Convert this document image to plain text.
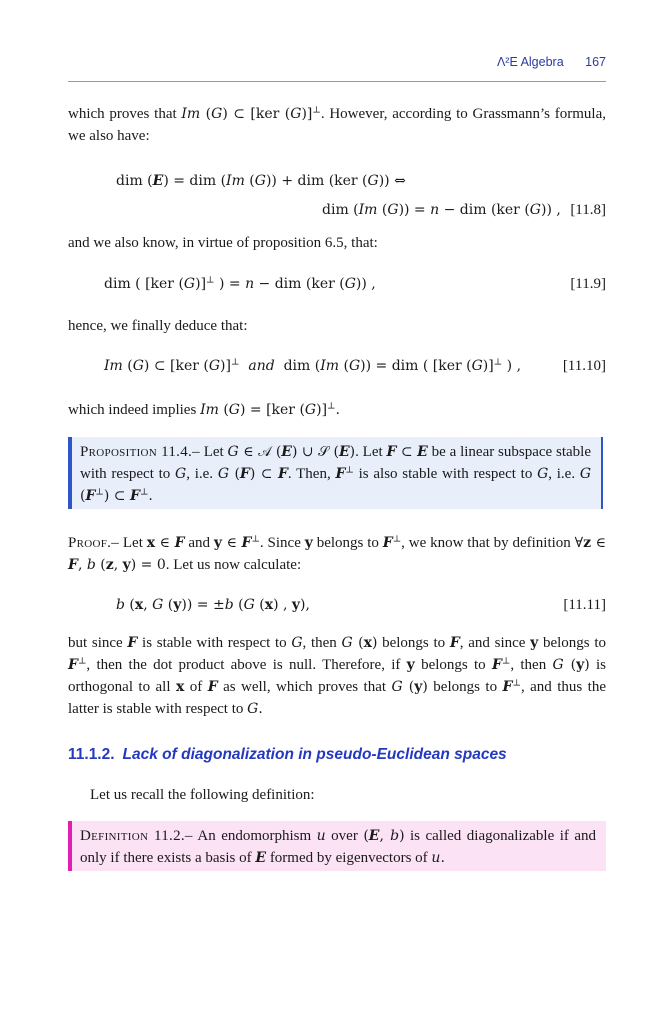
Λ²E Algebra 167
which proves that Im (G) ⊂ [ker (G)]⊥. However, according to Grassmann’s formula, we also have:
dim (E) = dim (Im (G)) + dim (ker (G)) ⇔
dim (Im (G)) = n − dim (ker (G)) , [11.8]
and we also know, in virtue of proposition 6.5, that:
dim ( [ker (G)]⊥ ) = n − dim (ker (G)) ,	[11.9]
hence, we finally deduce that:
Im (G) ⊂ [ker (G)]⊥ and  dim (Im (G)) = dim ( [ker (G)]⊥ ) ,	[11.10]
which indeed implies Im (G) = [ker (G)]⊥.
Proposition 11.4.– Let G ∈ 𝒜 (E) ∪ 𝒮 (E). Let F ⊂ E be a linear subspace stable with respect to G, i.e. G (F) ⊂ F. Then, F⊥ is also stable with respect to G, i.e. G (F⊥) ⊂ F⊥.
Proof.– Let x ∈ F and y ∈ F⊥. Since y belongs to F⊥, we know that by definition ∀z ∈ F, b (z, y) = 0. Let us now calculate:
b (x, G (y)) = ±b (G (x) , y),	[11.11]
but since F is stable with respect to G, then G (x) belongs to F, and since y belongs to F⊥, then the dot product above is null. Therefore, if y belongs to F⊥, then G (y) is orthogonal to all x of F as well, which proves that G (y) belongs to F⊥, and thus the latter is stable with respect to G.
11.1.2. Lack of diagonalization in pseudo-Euclidean spaces
Let us recall the following definition:
Definition 11.2.– An endomorphism u over (E, b) is called diagonalizable if and only if there exists a basis of E formed by eigenvectors of u.
